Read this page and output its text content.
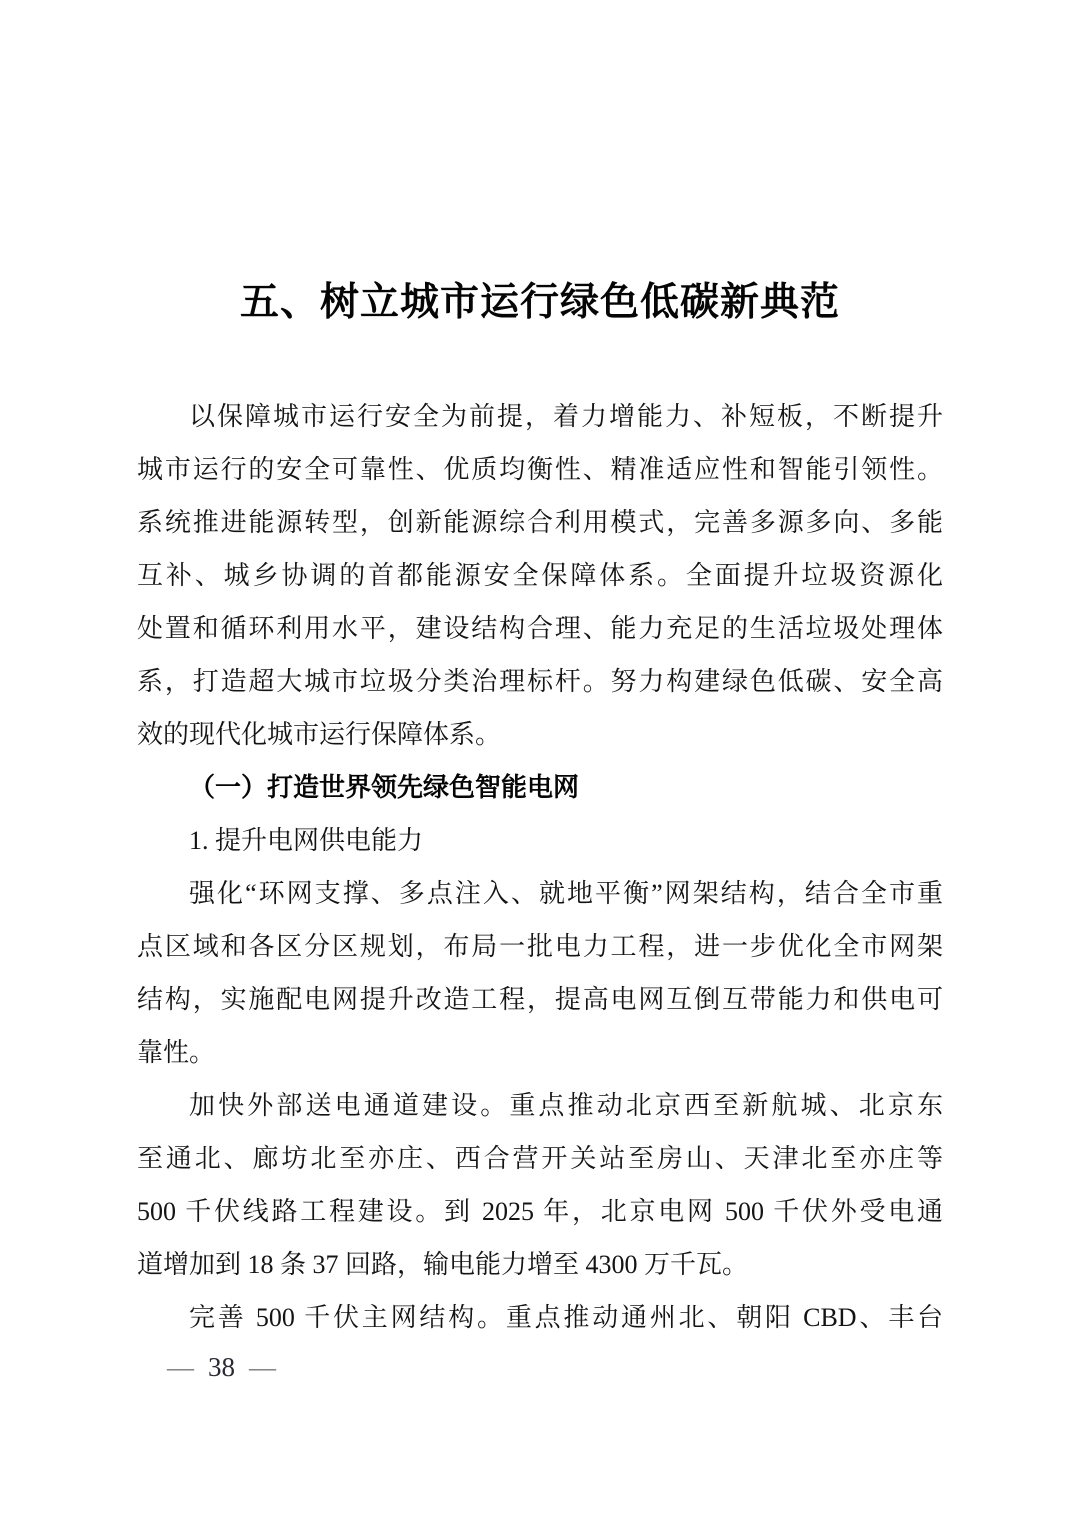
五、树立城市运行绿色低碳新典范
以保障城市运行安全为前提，着力增能力、补短板，不断提升
城市运行的安全可靠性、优质均衡性、精准适应性和智能引领性。
系统推进能源转型，创新能源综合利用模式，完善多源多向、多能
互补、城乡协调的首都能源安全保障体系。全面提升垃圾资源化
处置和循环利用水平，建设结构合理、能力充足的生活垃圾处理体
系，打造超大城市垃圾分类治理标杆。努力构建绿色低碳、安全高
效的现代化城市运行保障体系。
（一）打造世界领先绿色智能电网
1. 提升电网供电能力
强化“环网支撑、多点注入、就地平衡”网架结构，结合全市重
点区域和各区分区规划，布局一批电力工程，进一步优化全市网架
结构，实施配电网提升改造工程，提高电网互倒互带能力和供电可
靠性。
加快外部送电通道建设。重点推动北京西至新航城、北京东
至通北、廊坊北至亦庄、西合营开关站至房山、天津北至亦庄等
500 千伏线路工程建设。到 2025 年，北京电网 500 千伏外受电通
道增加到 18 条 37 回路，输电能力增至 4300 万千瓦。
完善 500 千伏主网结构。重点推动通州北、朝阳 CBD、丰台
— 38 —
